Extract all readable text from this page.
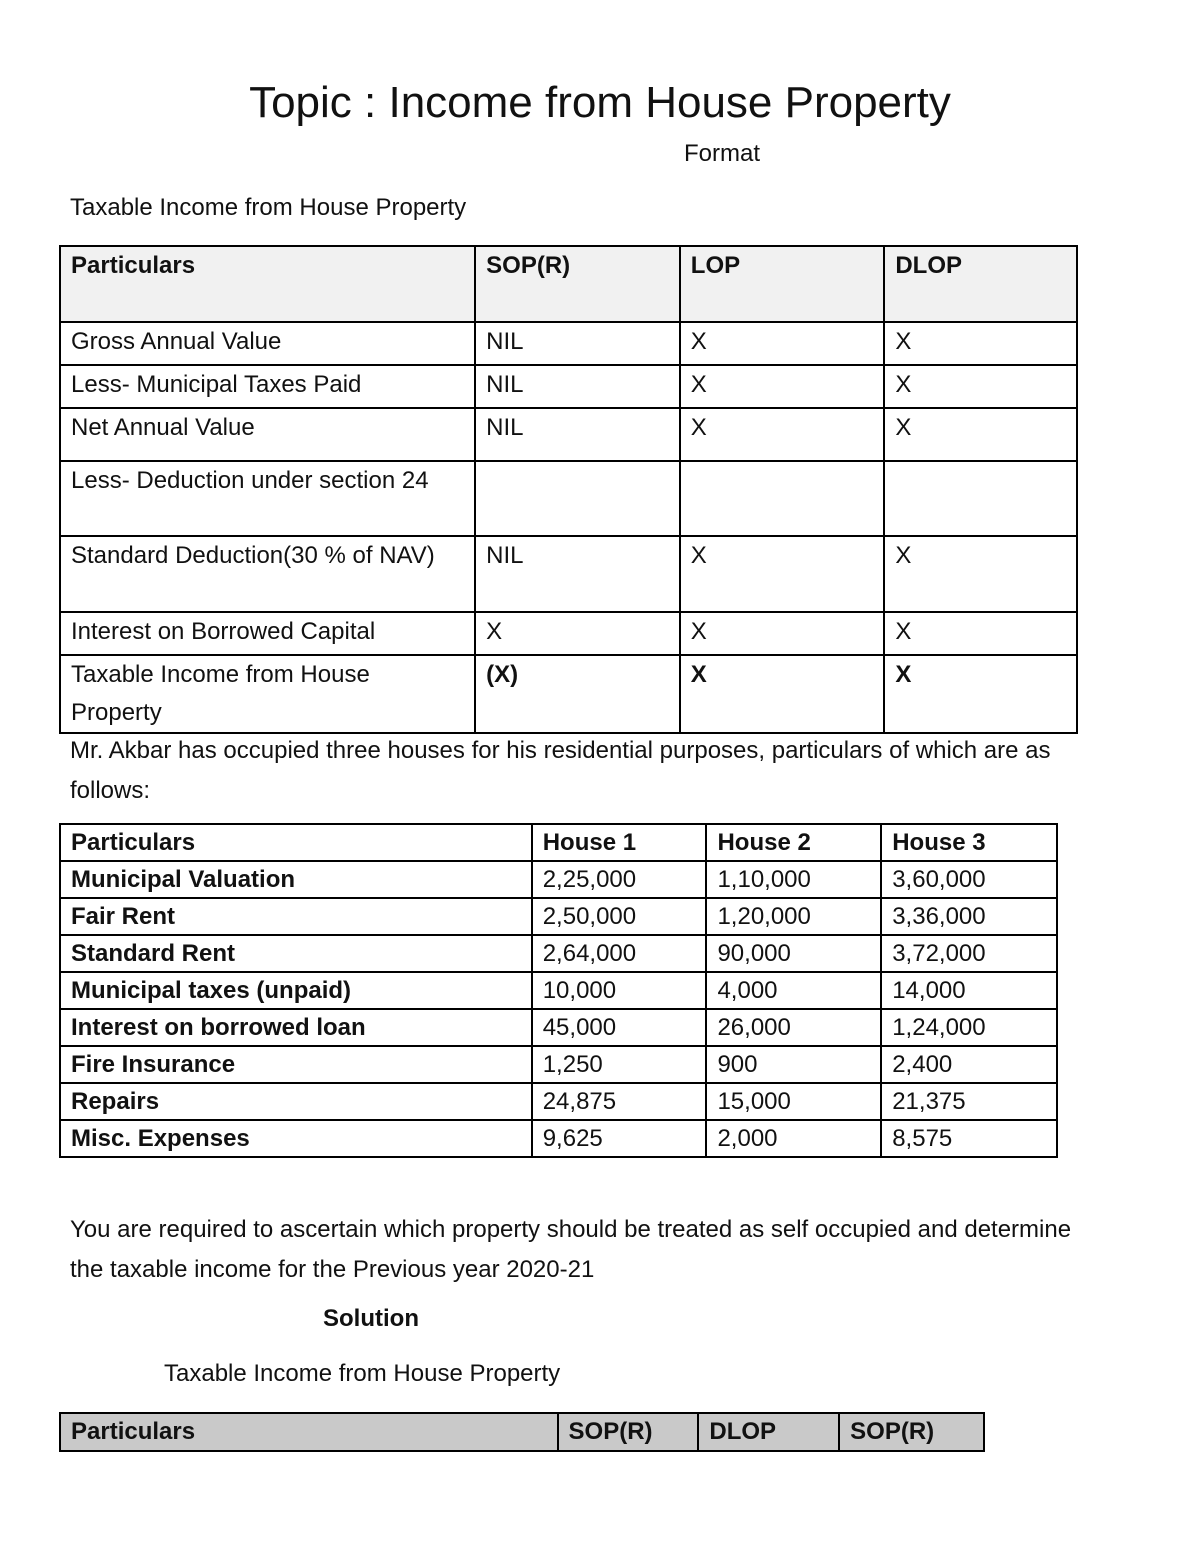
Topic : Income from House Property
Format
Taxable Income from House Property
Particulars	SOP(R)	LOP	DLOP
Gross Annual Value	NIL	X	X
Less- Municipal Taxes Paid	NIL	X	X
Net Annual Value	NIL	X	X
Less- Deduction under section 24			
Standard Deduction(30 % of NAV)	NIL	X	X
Interest on Borrowed Capital	X	X	X
Taxable Income from House Property	(X)	X	X
Mr. Akbar has occupied three houses for his residential purposes, particulars of which are as follows:
Particulars	House 1	House 2	House 3
Municipal Valuation	2,25,000	1,10,000	3,60,000
Fair Rent	2,50,000	1,20,000	3,36,000
Standard Rent	2,64,000	90,000	3,72,000
Municipal taxes (unpaid)	10,000	4,000	14,000
Interest on borrowed loan	45,000	26,000	1,24,000
Fire Insurance	1,250	900	2,400
Repairs	24,875	15,000	21,375
Misc. Expenses	9,625	2,000	8,575
You are required to ascertain which property should be treated as self occupied and determine the taxable income for the Previous year 2020-21
Solution
Taxable Income from House Property
Particulars	SOP(R)	DLOP	SOP(R)
